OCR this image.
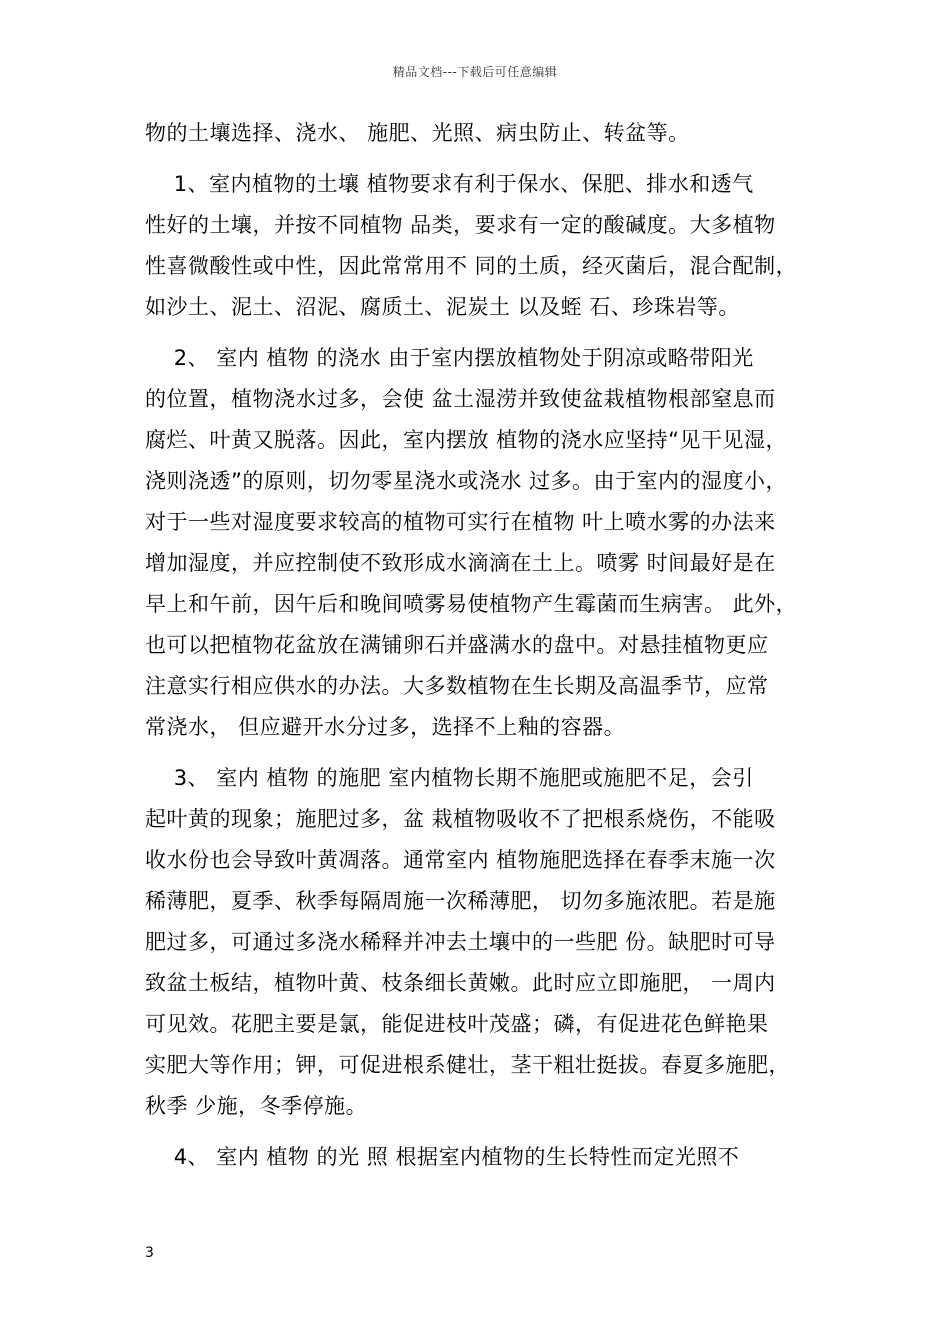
精品文档---下载后可任意编辑
物的土壤选择、浇水、 施肥、光照、病虫防止、转盆等。
1、室内植物的土壤 植物要求有利于保水、保肥、排水和透气
性好的土壤，并按不同植物 品类，要求有一定的酸碱度。大多植物
性喜微酸性或中性，因此常常用不 同的土质，经灭菌后，混合配制，
如沙土、泥土、沼泥、腐质土、泥炭土 以及蛭 石、珍珠岩等。
2、 室内 植物 的浇水 由于室内摆放植物处于阴凉或略带阳光
的位置，植物浇水过多，会使 盆土湿涝并致使盆栽植物根部窒息而
腐烂、叶黄又脱落。因此，室内摆放 植物的浇水应坚持“见干见湿，
浇则浇透”的原则，切勿零星浇水或浇水 过多。由于室内的湿度小，
对于一些对湿度要求较高的植物可实行在植物 叶上喷水雾的办法来
增加湿度，并应控制使不致形成水滴滴在土上。喷雾 时间最好是在
早上和午前，因午后和晚间喷雾易使植物产生霉菌而生病害。 此外，
也可以把植物花盆放在满铺卵石并盛满水的盘中。对悬挂植物更应
注意实行相应供水的办法。大多数植物在生长期及高温季节，应常
常浇水， 但应避开水分过多，选择不上釉的容器。
3、 室内 植物 的施肥 室内植物长期不施肥或施肥不足，会引
起叶黄的现象；施肥过多，盆 栽植物吸收不了把根系烧伤，不能吸
收水份也会导致叶黄凋落。通常室内 植物施肥选择在春季末施一次
稀薄肥，夏季、秋季每隔周施一次稀薄肥， 切勿多施浓肥。若是施
肥过多，可通过多浇水稀释并冲去土壤中的一些肥 份。缺肥时可导
致盆土板结，植物叶黄、枝条细长黄嫩。此时应立即施肥， 一周内
可见效。花肥主要是氯，能促进枝叶茂盛；磷，有促进花色鲜艳果
实肥大等作用；钾，可促进根系健壮，茎干粗壮挺拔。春夏多施肥，
秋季 少施，冬季停施。
4、 室内 植物 的光 照 根据室内植物的生长特性而定光照不
3
